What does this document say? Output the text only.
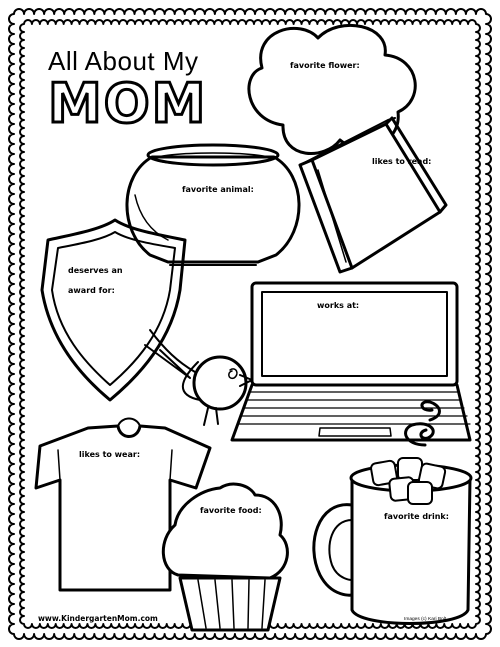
All About My
MOM
favorite flower:
likes to read:
favorite animal:
deserves an
award for:
works at:
likes to wear:
favorite food:
favorite drink:
www.KindergartenMom.com	Images (c) Kari Bolt
